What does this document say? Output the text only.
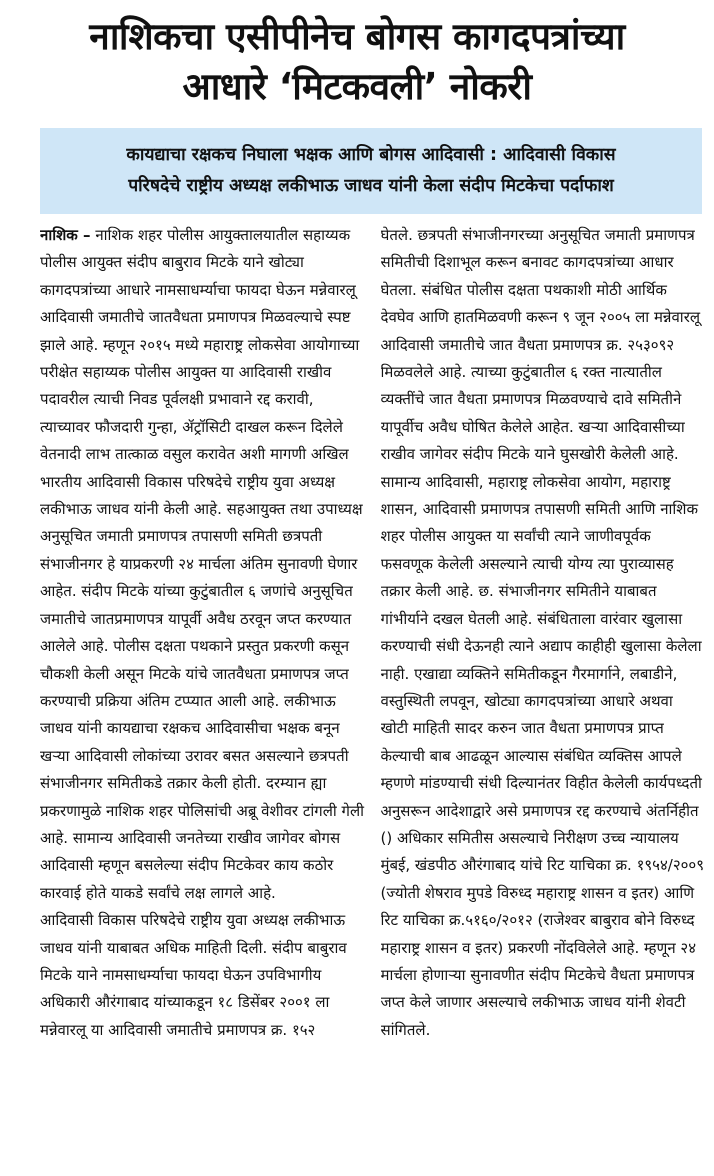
नाशिकचा एसीपीनेच बोगस कागदपत्रांच्या
आधारे ‘मिटकवली’ नोकरी
कायद्याचा रक्षकच निघाला भक्षक आणि बोगस आदिवासी : आदिवासी विकास
परिषदेचे राष्ट्रीय अध्यक्ष लकीभाऊ जाधव यांनी केला संदीप मिटकेचा पर्दाफाश

नाशिक – नाशिक शहर पोलीस आयुक्तालयातील सहाय्यक पोलीस आयुक्त संदीप बाबुराव मिटके याने खोट्या कागदपत्रांच्या आधारे नामसाधर्म्याचा फायदा घेऊन मन्नेवारलू आदिवासी जमातीचे जातवैधता प्रमाणपत्र मिळवल्याचे स्पष्ट झाले आहे. म्हणून २०१५ मध्ये महाराष्ट्र लोकसेवा आयोगाच्या परीक्षेत सहाय्यक पोलीस आयुक्त या आदिवासी राखीव पदावरील त्याची निवड पूर्वलक्षी प्रभावाने रद्द करावी, त्याच्यावर फौजदारी गुन्हा, ॲट्रॉसिटी दाखल करून दिलेले वेतनादी लाभ तात्काळ वसुल करावेत अशी मागणी अखिल भारतीय आदिवासी विकास परिषदेचे राष्ट्रीय युवा अध्यक्ष लकीभाऊ जाधव यांनी केली आहे. सहआयुक्त तथा उपाध्यक्ष अनुसूचित जमाती प्रमाणपत्र तपासणी समिती छत्रपती संभाजीनगर हे याप्रकरणी २४ मार्चला अंतिम सुनावणी घेणार आहेत. संदीप मिटके यांच्या कुटुंबातील ६ जणांचे अनुसूचित जमातीचे जातप्रमाणपत्र यापूर्वी अवैध ठरवून जप्त करण्यात आलेले आहे. पोलीस दक्षता पथकाने प्रस्तुत प्रकरणी कसून चौकशी केली असून मिटके यांचे जातवैधता प्रमाणपत्र जप्त करण्याची प्रक्रिया अंतिम टप्प्यात आली आहे. लकीभाऊ जाधव यांनी कायद्याचा रक्षकच आदिवासीचा भक्षक बनून खऱ्या आदिवासी लोकांच्या उरावर बसत असल्याने छत्रपती संभाजीनगर समितीकडे तक्रार केली होती. दरम्यान ह्या प्रकरणामुळे नाशिक शहर पोलिसांची अब्रू वेशीवर टांगली गेली आहे. सामान्य आदिवासी जनतेच्या राखीव जागेवर बोगस आदिवासी म्हणून बसलेल्या संदीप मिटकेवर काय कठोर कारवाई होते याकडे सर्वांचे लक्ष लागले आहे.

आदिवासी विकास परिषदेचे राष्ट्रीय युवा अध्यक्ष लकीभाऊ जाधव यांनी याबाबत अधिक माहिती दिली. संदीप बाबुराव मिटके याने नामसाधर्म्याचा फायदा घेऊन उपविभागीय अधिकारी औरंगाबाद यांच्याकडून १८ डिसेंबर २००१ ला मन्नेवारलू या आदिवासी जमातीचे प्रमाणपत्र क्र. १५२

घेतले. छत्रपती संभाजीनगरच्या अनुसूचित जमाती प्रमाणपत्र समितीची दिशाभूल करून बनावट कागदपत्रांच्या आधार घेतला. संबंधित पोलीस दक्षता पथकाशी मोठी आर्थिक देवघेव आणि हातमिळवणी करून ९ जून २००५ ला मन्नेवारलू आदिवासी जमातीचे जात वैधता प्रमाणपत्र क्र. २५३०९२ मिळवलेले आहे. त्याच्या कुटुंबातील ६ रक्त नात्यातील व्यक्तींचे जात वैधता प्रमाणपत्र मिळवण्याचे दावे समितीने यापूर्वीच अवैध घोषित केलेले आहेत. खऱ्या आदिवासीच्या राखीव जागेवर संदीप मिटके याने घुसखोरी केलेली आहे. सामान्य आदिवासी, महाराष्ट्र लोकसेवा आयोग, महाराष्ट्र शासन, आदिवासी प्रमाणपत्र तपासणी समिती आणि नाशिक शहर पोलीस आयुक्त या सर्वांची त्याने जाणीवपूर्वक फसवणूक केलेली असल्याने त्याची योग्य त्या पुराव्यासह तक्रार केली आहे. छ. संभाजीनगर समितीने याबाबत गांभीर्याने दखल घेतली आहे. संबंधिताला वारंवार खुलासा करण्याची संधी देऊनही त्याने अद्याप काहीही खुलासा केलेला नाही. एखाद्या व्यक्तिने समितीकडून गैरमार्गाने, लबाडीने, वस्तुस्थिती लपवून, खोट्या कागदपत्रांच्या आधारे अथवा खोटी माहिती सादर करुन जात वैधता प्रमाणपत्र प्राप्त केल्याची बाब आढळून आल्यास संबंधित व्यक्तिस आपले म्हणणे मांडण्याची संधी दिल्यानंतर विहीत केलेली कार्यपध्दती अनुसरून आदेशाद्वारे असे प्रमाणपत्र रद्द करण्याचे अंतर्निहीत () अधिकार समितीस असल्याचे निरीक्षण उच्च न्यायालय मुंबई, खंडपीठ औरंगाबाद यांचे रिट याचिका क्र. १९५४/२००९ (ज्योती शेषराव मुपडे विरुध्द महाराष्ट्र शासन व इतर) आणि रिट याचिका क्र.५१६०/२०१२ (राजेश्वर बाबुराव बोने विरुध्द महाराष्ट्र शासन व इतर) प्रकरणी नोंदविलेले आहे. म्हणून २४ मार्चला होणाऱ्या सुनावणीत संदीप मिटकेचे वैधता प्रमाणपत्र जप्त केले जाणार असल्याचे लकीभाऊ जाधव यांनी शेवटी सांगितले.
